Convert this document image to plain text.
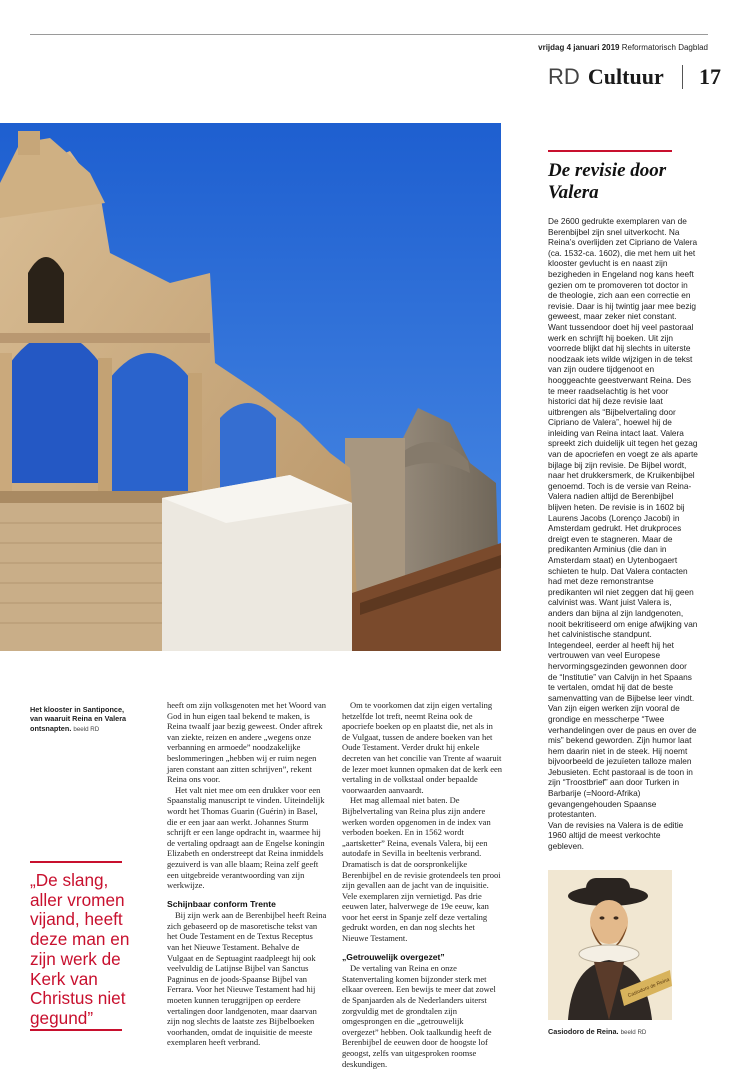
vrijdag 4 januari 2019 Reformatorisch Dagblad
RD Cultuur 17
De revisie door Valera
De 2600 gedrukte exemplaren van de Berenbijbel zijn snel uitverkocht. Na Reina’s overlijden zet Cipriano de Valera (ca. 1532-ca. 1602), die met hem uit het klooster gevlucht is en naast zijn bezigheden in Engeland nog kans heeft gezien om te promoveren tot doctor in de theologie, zich aan een correctie en revisie. Daar is hij twintig jaar mee bezig geweest, maar zeker niet constant. Want tussendoor doet hij veel pastoraal werk en schrijft hij boeken. Uit zijn voorrede blijkt dat hij slechts in uiterste noodzaak iets wilde wijzigen in de tekst van zijn oudere tijdgenoot en hooggeachte geestverwant Reina. Des te meer raadselachtig is het voor historici dat hij deze revisie laat uitbrengen als “Bijbelvertaling door Cipriano de Valera”, hoewel hij de inleiding van Reina intact laat. Valera spreekt zich duidelijk uit tegen het gezag van de apocriefen en voegt ze als aparte bijlage bij zijn revisie. De Bijbel wordt, naar het drukkersmerk, de Kruikenbijbel genoemd. Toch is de versie van Reina-Valera nadien altijd de Berenbijbel blijven heten. De revisie is in 1602 bij Laurens Jacobs (Lorenço Jacobi) in Amsterdam gedrukt. Het drukproces dreigt even te stagneren. Maar de predikanten Arminius (die dan in Amsterdam staat) en Uytenbogaert schieten te hulp. Dat Valera contacten had met deze remonstrantse predikanten wil niet zeggen dat hij geen calvinist was. Want juist Valera is, anders dan bijna al zijn landgenoten, nooit bekritiseerd om enige afwijking van het calvinistische standpunt. Integendeel, eerder al heeft hij het vertrouwen van veel Europese hervormingsgezinden gewonnen door de “Institutie” van Calvijn in het Spaans te vertalen, omdat hij dat de beste samenvatting van de Bijbelse leer vindt. Van zijn eigen werken zijn vooral de grondige en messcherpe “Twee verhandelingen over de paus en over de mis” bekend geworden. Zijn humor laat hem daarin niet in de steek. Hij noemt bijvoorbeeld de jezuïeten talloze malen Jebusieten. Echt pastoraal is de toon in zijn “Troostbrief” aan door Turken in Barbarije (=Noord-Afrika) gevangengehouden Spaanse protestanten.
Van de revisies na Valera is de editie 1960 altijd de meest verkochte gebleven.
Het klooster in Santiponce, van waaruit Reina en Valera ontsnapten. beeld RD
„De slang, aller vromen vijand, heeft deze man en zijn werk de Kerk van Christus niet gegund”

heeft om zijn volksgenoten met het Woord van God in hun eigen taal bekend te maken, is Reina twaalf jaar bezig geweest. Onder aftrek van ziekte, reizen en andere „wegens onze verbanning en armoede” noodzakelijke beslommeringen „hebben wij er ruim negen jaren constant aan zitten schrijven”, rekent Reina ons voor.

Het valt niet mee om een drukker voor een Spaanstalig manuscript te vinden. Uiteindelijk wordt het Thomas Guarin (Guérin) in Basel, die er een jaar aan werkt. Johannes Sturm schrijft er een lange opdracht in, waarmee hij de vertaling opdraagt aan de Engelse koningin Elizabeth en onderstreept dat Reina inmiddels gezuiverd is van alle blaam; Reina zelf geeft een uitgebreide verantwoording van zijn werkwijze.

Schijnbaar conform Trente

Bij zijn werk aan de Berenbijbel heeft Reina zich gebaseerd op de masoretische tekst van het Oude Testament en de Textus Receptus van het Nieuwe Testament. Behalve de Vulgaat en de Septuagint raadpleegt hij ook veelvuldig de Latijnse Bijbel van Sanctus Pagninus en de joods-Spaanse Bijbel van Ferrara. Voor het Nieuwe Testament had hij moeten kunnen teruggrijpen op eerdere vertalingen door landgenoten, maar daarvan zijn nog slechts de laatste zes Bijbelboeken voorhanden, omdat de inquisitie de meeste exemplaren heeft verbrand.

Om te voorkomen dat zijn eigen vertaling hetzelfde lot treft, neemt Reina ook de apocriefe boeken op en plaatst die, net als in de Vulgaat, tussen de andere boeken van het Oude Testament. Verder drukt hij enkele decreten van het concilie van Trente af waaruit de lezer moet kunnen opmaken dat de kerk een vertaling in de volkstaal onder bepaalde voorwaarden aanvaardt.

Het mag allemaal niet baten. De Bijbelvertaling van Reina plus zijn andere werken worden opgenomen in de index van verboden boeken. En in 1562 wordt „aartsketter” Reina, evenals Valera, bij een autodafe in Sevilla in beeltenis verbrand. Dramatisch is dat de oorspronkelijke Berenbijbel en de revisie grotendeels ten prooi zijn gevallen aan de jacht van de inquisitie. Vele exemplaren zijn vernietigd. Pas drie eeuwen later, halverwege de 19e eeuw, kan voor het eerst in Spanje zelf deze vertaling gedrukt worden, en dan nog slechts het Nieuwe Testament.

„Getrouwelijk overgezet”

De vertaling van Reina en onze Statenvertaling komen bijzonder sterk met elkaar overeen. Een bewijs te meer dat zowel de Spanjaarden als de Nederlanders uiterst zorgvuldig met de grondtalen zijn omgesprongen en die „getrouwelijk overgezet” hebben. Ook taalkundig heeft de Berenbijbel de eeuwen door de hoogste lof geoogst, zelfs van uitgesproken roomse deskundigen.

Casiodoro de Reina
Casiodoro de Reina. beeld RD
